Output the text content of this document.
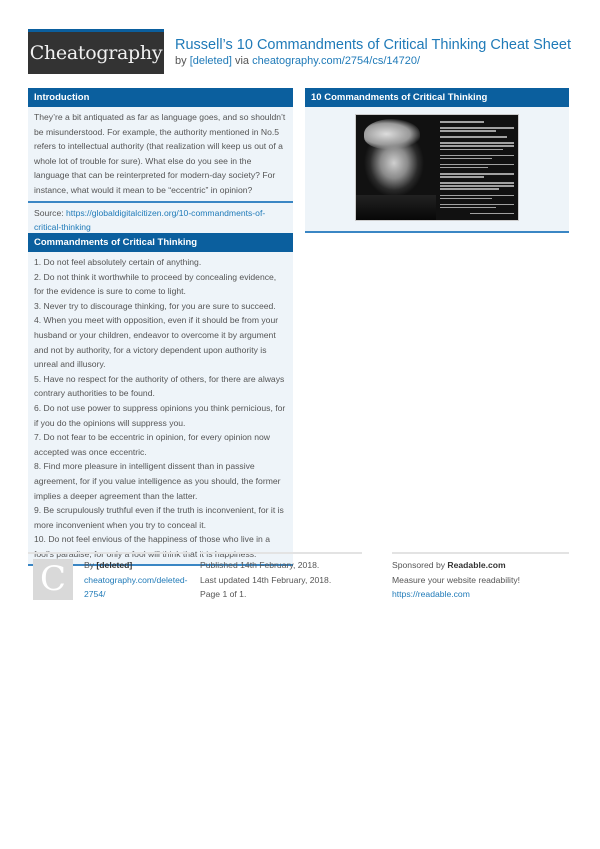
Cheatography Russell’s 10 Commandments of Critical Thinking Cheat Sheet
by [deleted] via cheatography.com/2754/cs/14720/
Introduction
They’re a bit antiquated as far as language goes, and so shouldn’t be misunderstood. For example, the authority mentioned in No.5 refers to intellectual authority (that realization will keep us out of a whole lot of trouble for sure). What else do you see in the language that can be reinterpreted for modern-day society? For instance, what would it mean to be “eccentric” in opinion?
Source: https://globaldigitalcitizen.org/10-commandments-of-critical-thinking
Commandments of Critical Thinking

1. Do not feel absolutely certain of anything.

2. Do not think it worthwhile to proceed by concealing evidence, for the evidence is sure to come to light.

3. Never try to discourage thinking, for you are sure to succeed.

4. When you meet with opposition, even if it should be from your husband or your children, endeavor to overcome it by argument and not by authority, for a victory dependent upon authority is unreal and illusory.

5. Have no respect for the authority of others, for there are always contrary authorities to be found.

6. Do not use power to suppress opinions you think pernicious, for if you do the opinions will suppress you.

7. Do not fear to be eccentric in opinion, for every opinion now accepted was once eccentric.

8. Find more pleasure in intelligent dissent than in passive agreement, for if you value intelligence as you should, the former implies a deeper agreement than the latter.

9. Be scrupulously truthful even if the truth is inconvenient, for it is more inconvenient when you try to conceal it.

10. Do not feel envious of the happiness of those who live in a fool’s paradise, for only a fool will think that it is happiness.

10 Commandments of Critical Thinking
C By [deleted]
cheatography.com/deleted-2754/
Published 14th February, 2018.
Last updated 14th February, 2018.
Page 1 of 1.
Sponsored by Readable.com
Measure your website readability!
https://readable.com
